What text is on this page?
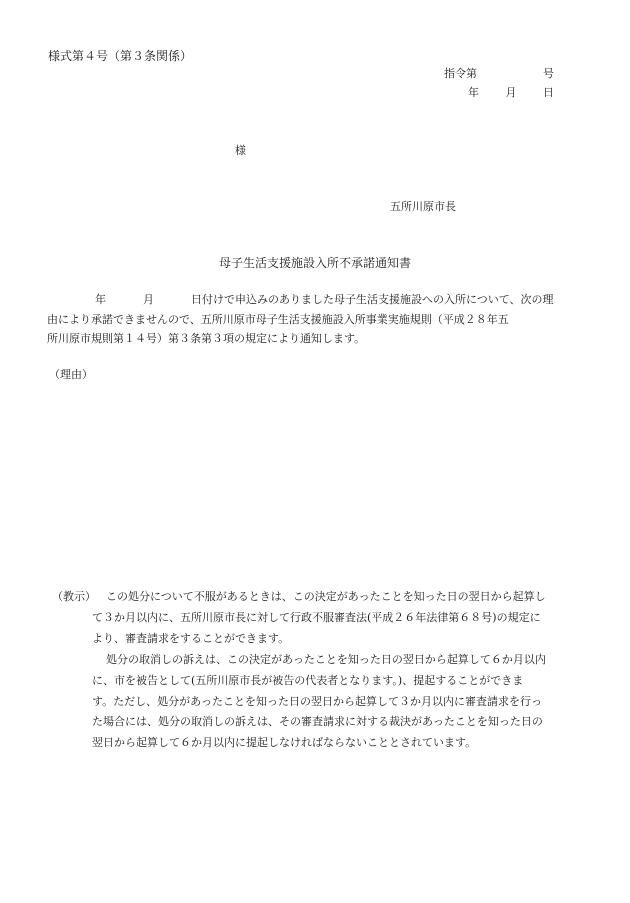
様式第４号（第３条関係）
指令第	号
年 月 日
様
五所川原市長
母子生活支援施設入所不承諾通知書
年	月	日付けで申込みのありました母子生活支援施設への入所について、次の理
由により承諾できませんので、五所川原市母子生活支援施設入所事業実施規則（平成２８年五
所川原市規則第１４号）第３条第３項の規定により通知します。
（理由）
（教示） この処分について不服があるときは、この決定があったことを知った日の翌日から起算し
て３か月以内に、五所川原市長に対して行政不服審査法(平成２６年法律第６８号)の規定に
より、審査請求をすることができます。
処分の取消しの訴えは、この決定があったことを知った日の翌日から起算して６か月以内
に、市を被告として(五所川原市長が被告の代表者となります。)、提起することができま
す。ただし、処分があったことを知った日の翌日から起算して３か月以内に審査請求を行っ
た場合には、処分の取消しの訴えは、その審査請求に対する裁決があったことを知った日の
翌日から起算して６か月以内に提起しなければならないこととされています。
